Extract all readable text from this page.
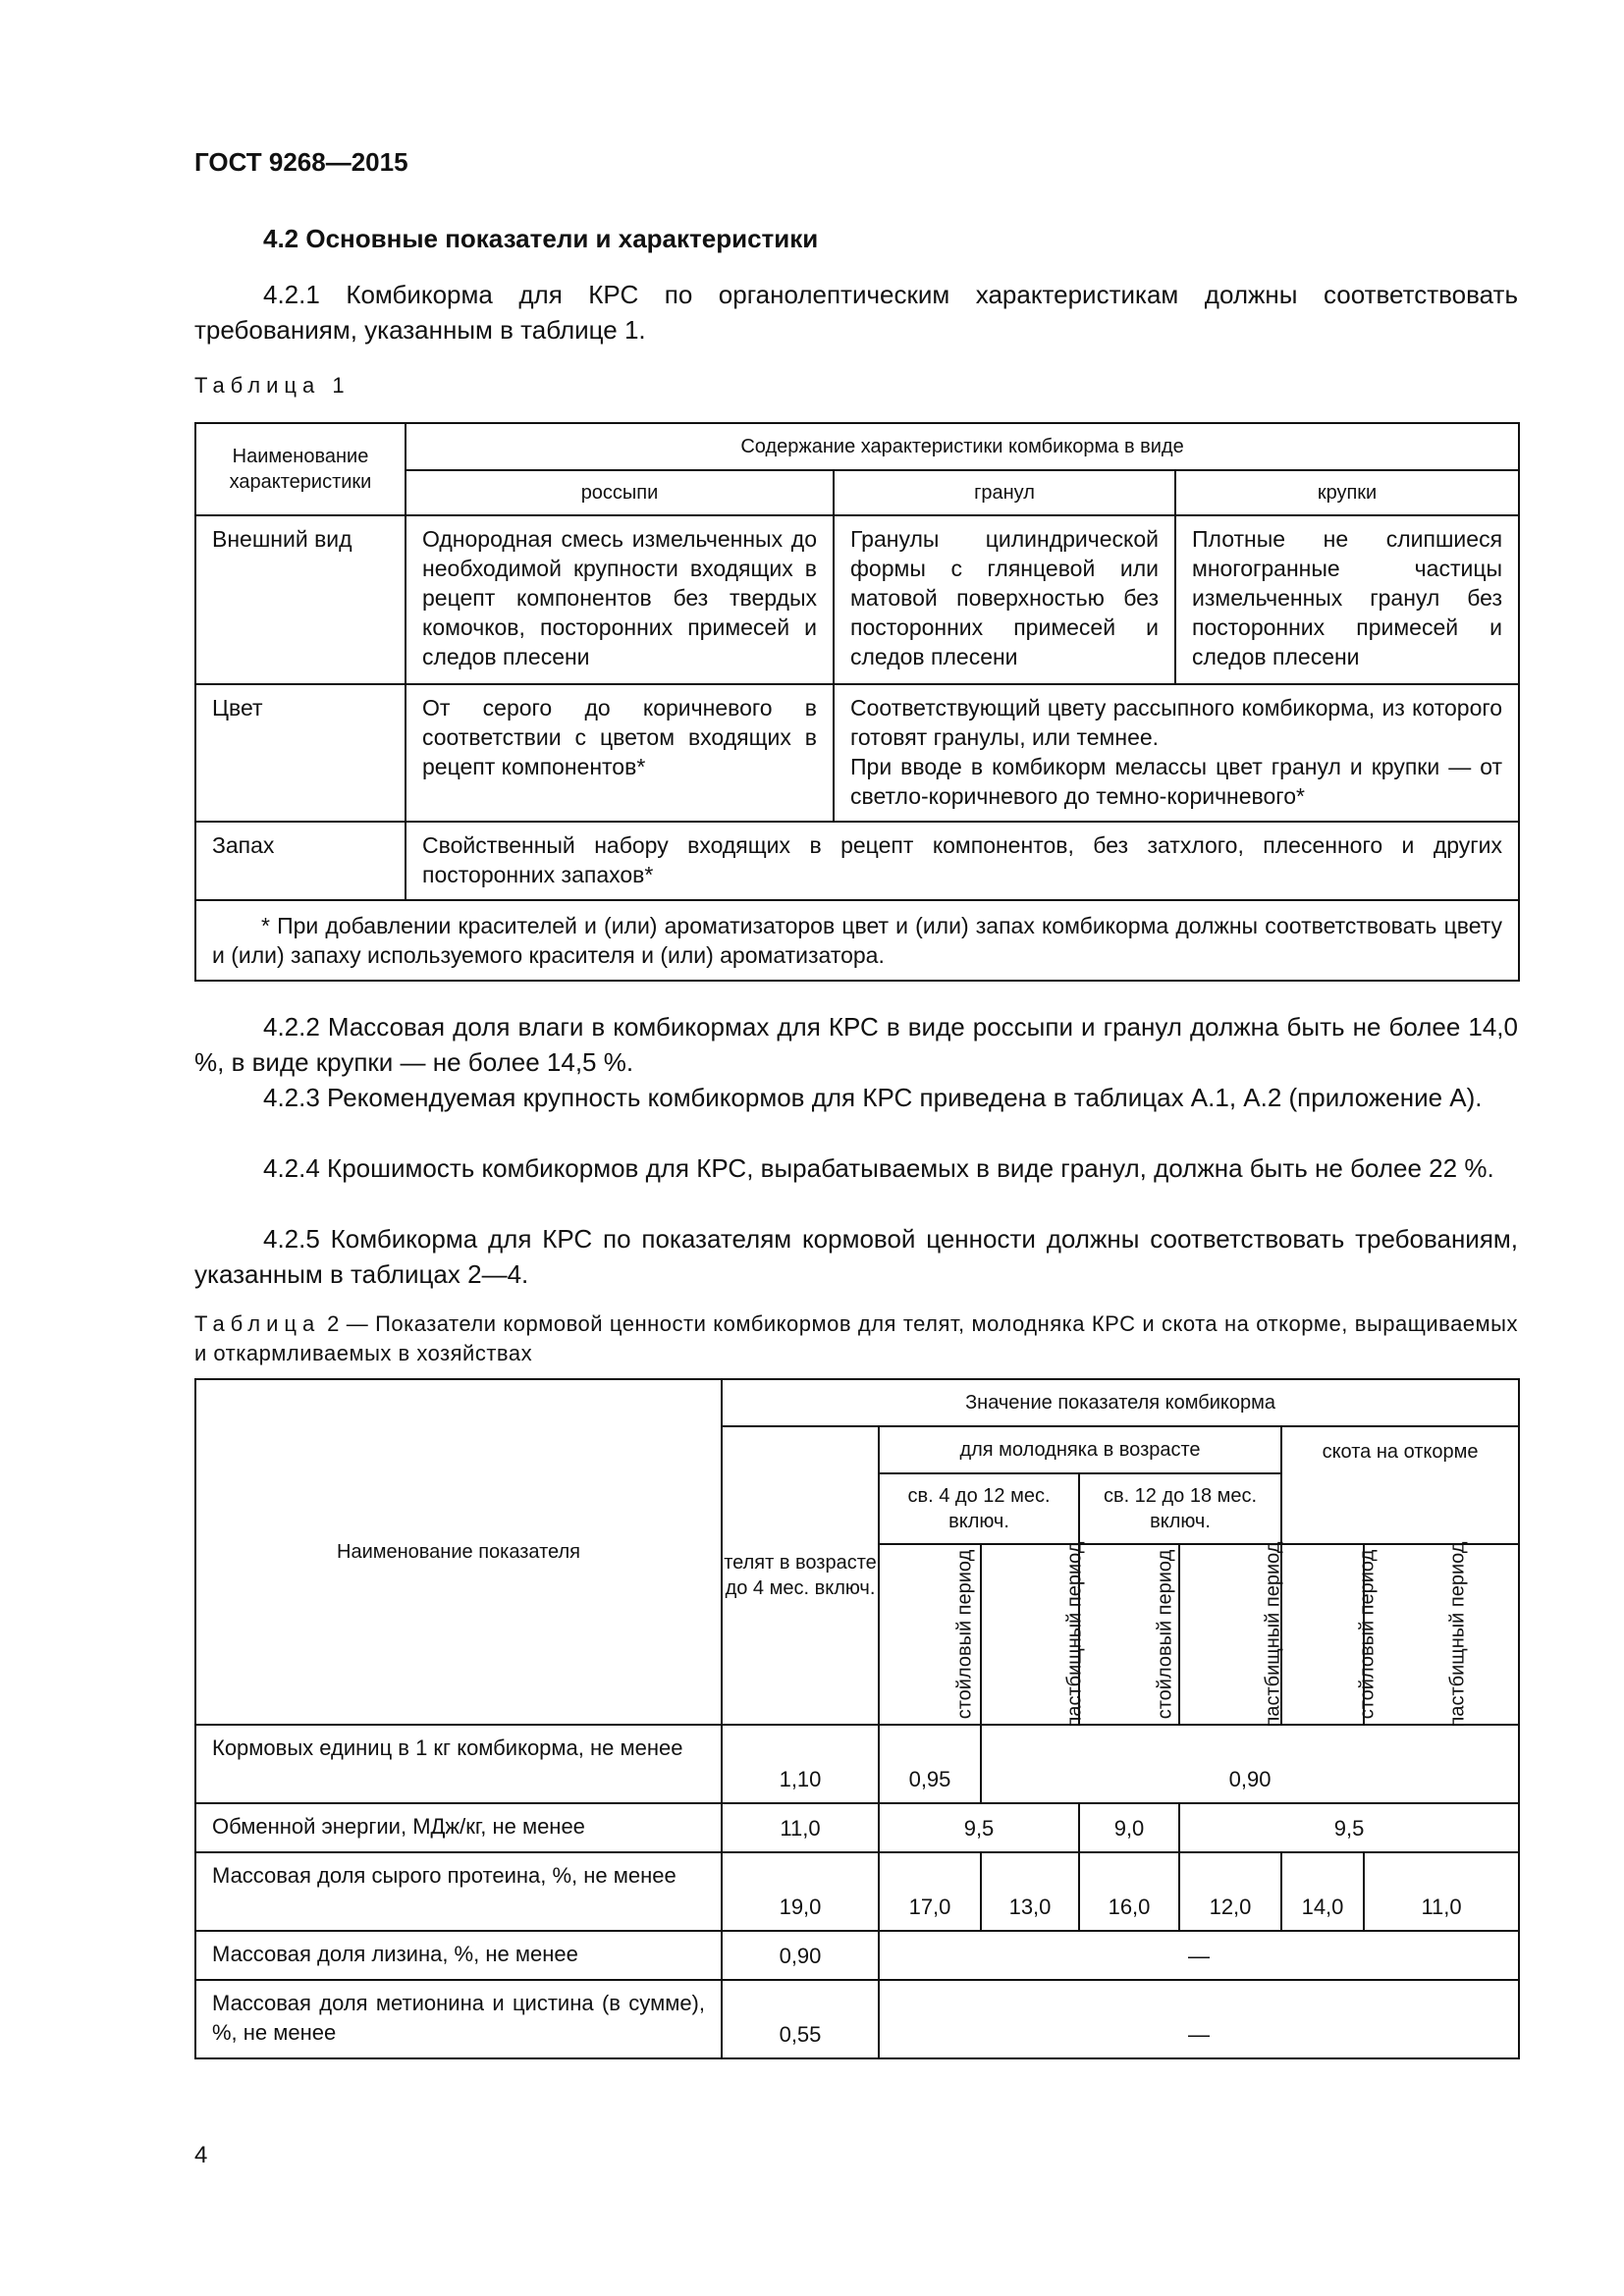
ГОСТ 9268—2015
4.2 Основные показатели и характеристики

4.2.1 Комбикорма для КРС по органолептическим характеристикам должны соответствовать требованиям, указанным в таблице 1.

Таблица 1
Наименование характеристики	Содержание характеристики комбикорма в виде		
	россыпи	гранул	крупки
Внешний вид	Однородная смесь измельченных до необходимой крупности входящих в рецепт компонентов без твердых комочков, посторонних примесей и следов плесени	Гранулы цилиндрической формы с глянцевой или матовой поверхностью без посторонних примесей и следов плесени	Плотные не слипшиеся многогранные частицы измельченных гранул без посторонних примесей и следов плесени
Цвет	От серого до коричневого в соответствии с цветом входящих в рецепт компонентов*	Соответствующий цвету рассыпного комбикорма, из которого готовят гранулы, или темнее.
При вводе в комбикорм мелассы цвет гранул и крупки — от светло-коричневого до темно-коричневого*	

Запах	Свойственный набору входящих в рецепт компонентов, без затхлого, плесенного и других посторонних запахов*		
* При добавлении красителей и (или) ароматизаторов цвет и (или) запах комбикорма должны соответствовать цвету и (или) запаху используемого красителя и (или) ароматизатора.			

4.2.2 Массовая доля влаги в комбикормах для КРС в виде россыпи и гранул должна быть не более 14,0 %, в виде крупки — не более 14,5 %.

4.2.3 Рекомендуемая крупность комбикормов для КРС приведена в таблицах А.1, А.2 (приложение А).

4.2.4 Крошимость комбикормов для КРС, вырабатываемых в виде гранул, должна быть не более 22 %.

4.2.5 Комбикорма для КРС по показателям кормовой ценности должны соответствовать требованиям, указанным в таблицах 2—4.

Таблица 2 — Показатели кормовой ценности комбикормов для телят, молодняка КРС и скота на откорме, выращиваемых и откармливаемых в хозяйствах
Наименование показателя	Значение показателя комбикорма						
	телят в возрасте до 4 мес. включ.	для молодняка в возрасте				скота на откорме	
		св. 4 до 12 мес. включ.		св. 12 до 18 мес. включ.			
		стойловый период	пастбищный период	стойловый период	пастбищный период	стойловый период	пастбищный период
Кормовых единиц в 1 кг комбикорма, не менее	1,10	0,95	0,90				
Обменной энергии, МДж/кг, не менее	11,0	9,5		9,0	9,5		
Массовая доля сырого протеина, %, не менее	19,0	17,0	13,0	16,0	12,0	14,0	11,0
Массовая доля лизина, %, не менее	0,90	—					
Массовая доля метионина и цистина (в сумме), %, не менее	0,55	—					
4
